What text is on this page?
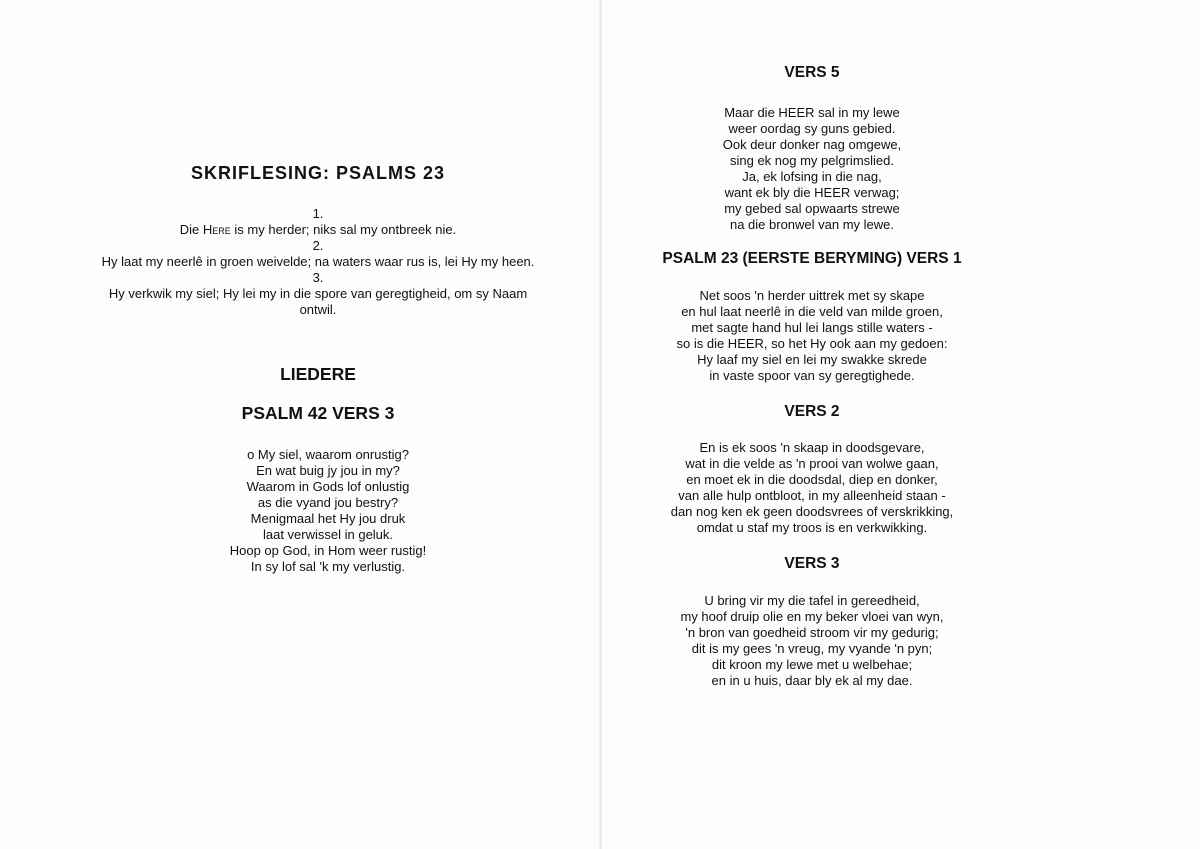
SKRIFLESING: PSALMS 23
1.
Die Here is my herder; niks sal my ontbreek nie.
2.
Hy laat my neerlê in groen weivelde; na waters waar rus is, lei Hy my heen.
3.
Hy verkwik my siel; Hy lei my in die spore van geregtigheid, om sy Naam ontwil.
LIEDERE
PSALM 42 VERS 3
o My siel, waarom onrustig?
En wat buig jy jou in my?
Waarom in Gods lof onlustig
as die vyand jou bestry?
Menigmaal het Hy jou druk
laat verwissel in geluk.
Hoop op God, in Hom weer rustig!
In sy lof sal 'k my verlustig.
VERS 5
Maar die HEER sal in my lewe
weer oordag sy guns gebied.
Ook deur donker nag omgewe,
sing ek nog my pelgrimslied.
Ja, ek lofsing in die nag,
want ek bly die HEER verwag;
my gebed sal opwaarts strewe
na die bronwel van my lewe.
PSALM 23 (EERSTE BERYMING) VERS 1
Net soos 'n herder uittrek met sy skape
en hul laat neerlê in die veld van milde groen,
met sagte hand hul lei langs stille waters -
so is die HEER, so het Hy ook aan my gedoen:
Hy laaf my siel en lei my swakke skrede
in vaste spoor van sy geregtighede.
VERS 2
En is ek soos 'n skaap in doodsgevare,
wat in die velde as 'n prooi van wolwe gaan,
en moet ek in die doodsdal, diep en donker,
van alle hulp ontbloot, in my alleenheid staan -
dan nog ken ek geen doodsvrees of verskrikking,
omdat u staf my troos is en verkwikking.
VERS 3
U bring vir my die tafel in gereedheid,
my hoof druip olie en my beker vloei van wyn,
'n bron van goedheid stroom vir my gedurig;
dit is my gees 'n vreug, my vyande 'n pyn;
dit kroon my lewe met u welbehae;
en in u huis, daar bly ek al my dae.
